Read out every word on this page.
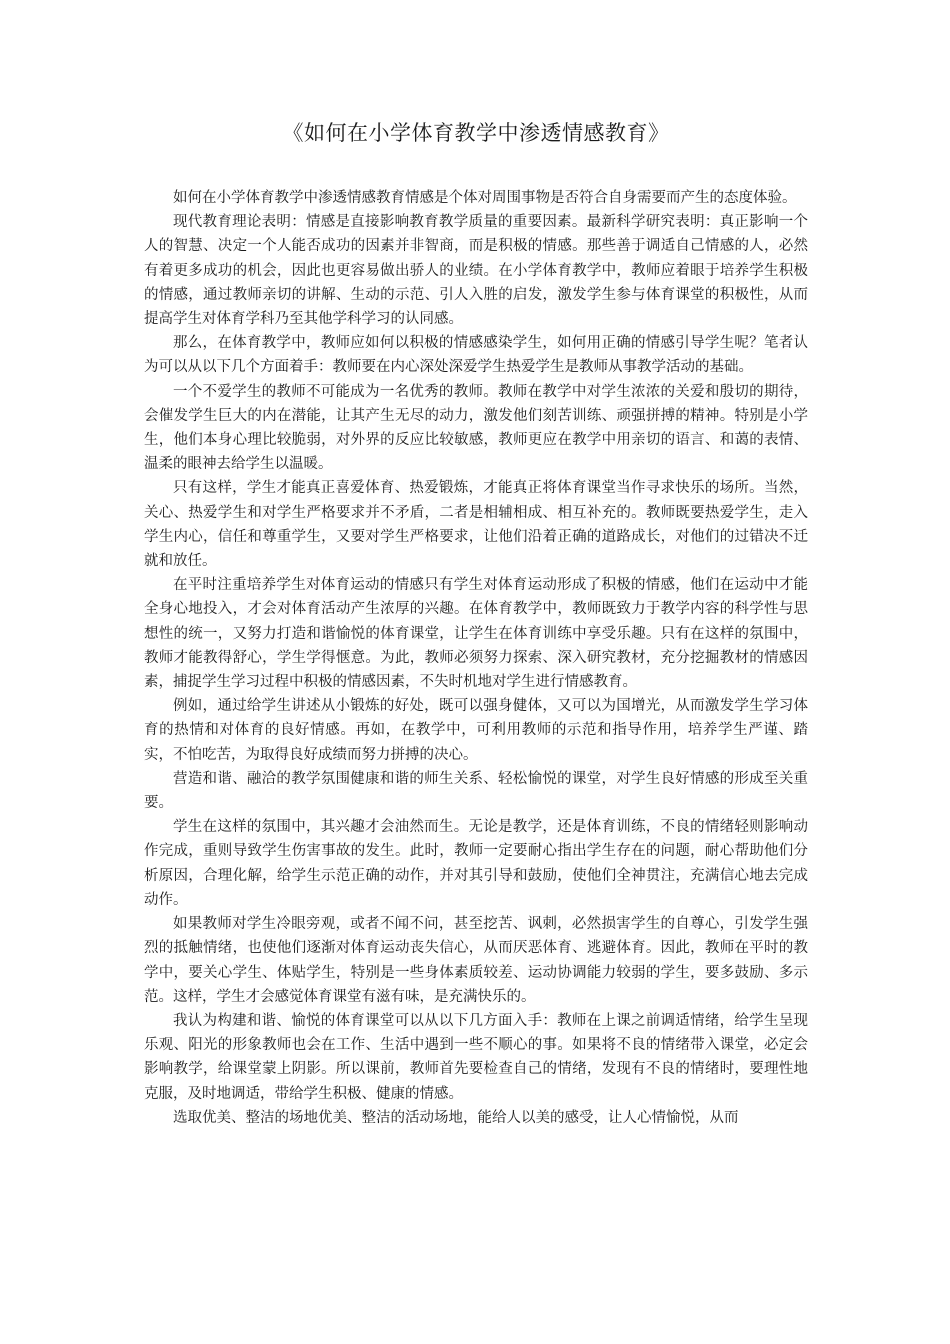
《如何在小学体育教学中渗透情感教育》

如何在小学体育教学中渗透情感教育情感是个体对周围事物是否符合自身需要而产生的态度体验。

现代教育理论表明：情感是直接影响教育教学质量的重要因素。最新科学研究表明：真正影响一个人的智慧、决定一个人能否成功的因素并非智商，而是积极的情感。那些善于调适自己情感的人，必然有着更多成功的机会，因此也更容易做出骄人的业绩。在小学体育教学中，教师应着眼于培养学生积极的情感，通过教师亲切的讲解、生动的示范、引人入胜的启发，激发学生参与体育课堂的积极性，从而提高学生对体育学科乃至其他学科学习的认同感。

那么，在体育教学中，教师应如何以积极的情感感染学生，如何用正确的情感引导学生呢？笔者认为可以从以下几个方面着手：教师要在内心深处深爱学生热爱学生是教师从事教学活动的基础。

一个不爱学生的教师不可能成为一名优秀的教师。教师在教学中对学生浓浓的关爱和殷切的期待，会催发学生巨大的内在潜能，让其产生无尽的动力，激发他们刻苦训练、顽强拼搏的精神。特别是小学生，他们本身心理比较脆弱，对外界的反应比较敏感，教师更应在教学中用亲切的语言、和蔼的表情、温柔的眼神去给学生以温暖。

只有这样，学生才能真正喜爱体育、热爱锻炼，才能真正将体育课堂当作寻求快乐的场所。当然，关心、热爱学生和对学生严格要求并不矛盾，二者是相辅相成、相互补充的。教师既要热爱学生，走入学生内心，信任和尊重学生，又要对学生严格要求，让他们沿着正确的道路成长，对他们的过错决不迁就和放任。

在平时注重培养学生对体育运动的情感只有学生对体育运动形成了积极的情感，他们在运动中才能全身心地投入，才会对体育活动产生浓厚的兴趣。在体育教学中，教师既致力于教学内容的科学性与思想性的统一，又努力打造和谐愉悦的体育课堂，让学生在体育训练中享受乐趣。只有在这样的氛围中，教师才能教得舒心，学生学得惬意。为此，教师必须努力探索、深入研究教材，充分挖掘教材的情感因素，捕捉学生学习过程中积极的情感因素，不失时机地对学生进行情感教育。

例如，通过给学生讲述从小锻炼的好处，既可以强身健体，又可以为国增光，从而激发学生学习体育的热情和对体育的良好情感。再如，在教学中，可利用教师的示范和指导作用，培养学生严谨、踏实，不怕吃苦，为取得良好成绩而努力拼搏的决心。

营造和谐、融洽的教学氛围健康和谐的师生关系、轻松愉悦的课堂，对学生良好情感的形成至关重要。

学生在这样的氛围中，其兴趣才会油然而生。无论是教学，还是体育训练，不良的情绪轻则影响动作完成，重则导致学生伤害事故的发生。此时，教师一定要耐心指出学生存在的问题，耐心帮助他们分析原因，合理化解，给学生示范正确的动作，并对其引导和鼓励，使他们全神贯注，充满信心地去完成动作。

如果教师对学生冷眼旁观，或者不闻不问，甚至挖苦、讽刺，必然损害学生的自尊心，引发学生强烈的抵触情绪，也使他们逐渐对体育运动丧失信心，从而厌恶体育、逃避体育。因此，教师在平时的教学中，要关心学生、体贴学生，特别是一些身体素质较差、运动协调能力较弱的学生，要多鼓励、多示范。这样，学生才会感觉体育课堂有滋有味，是充满快乐的。

我认为构建和谐、愉悦的体育课堂可以从以下几方面入手：教师在上课之前调适情绪，给学生呈现乐观、阳光的形象教师也会在工作、生活中遇到一些不顺心的事。如果将不良的情绪带入课堂，必定会影响教学，给课堂蒙上阴影。所以课前，教师首先要检查自己的情绪，发现有不良的情绪时，要理性地克服，及时地调适，带给学生积极、健康的情感。

选取优美、整洁的场地优美、整洁的活动场地，能给人以美的感受，让人心情愉悦，从而
